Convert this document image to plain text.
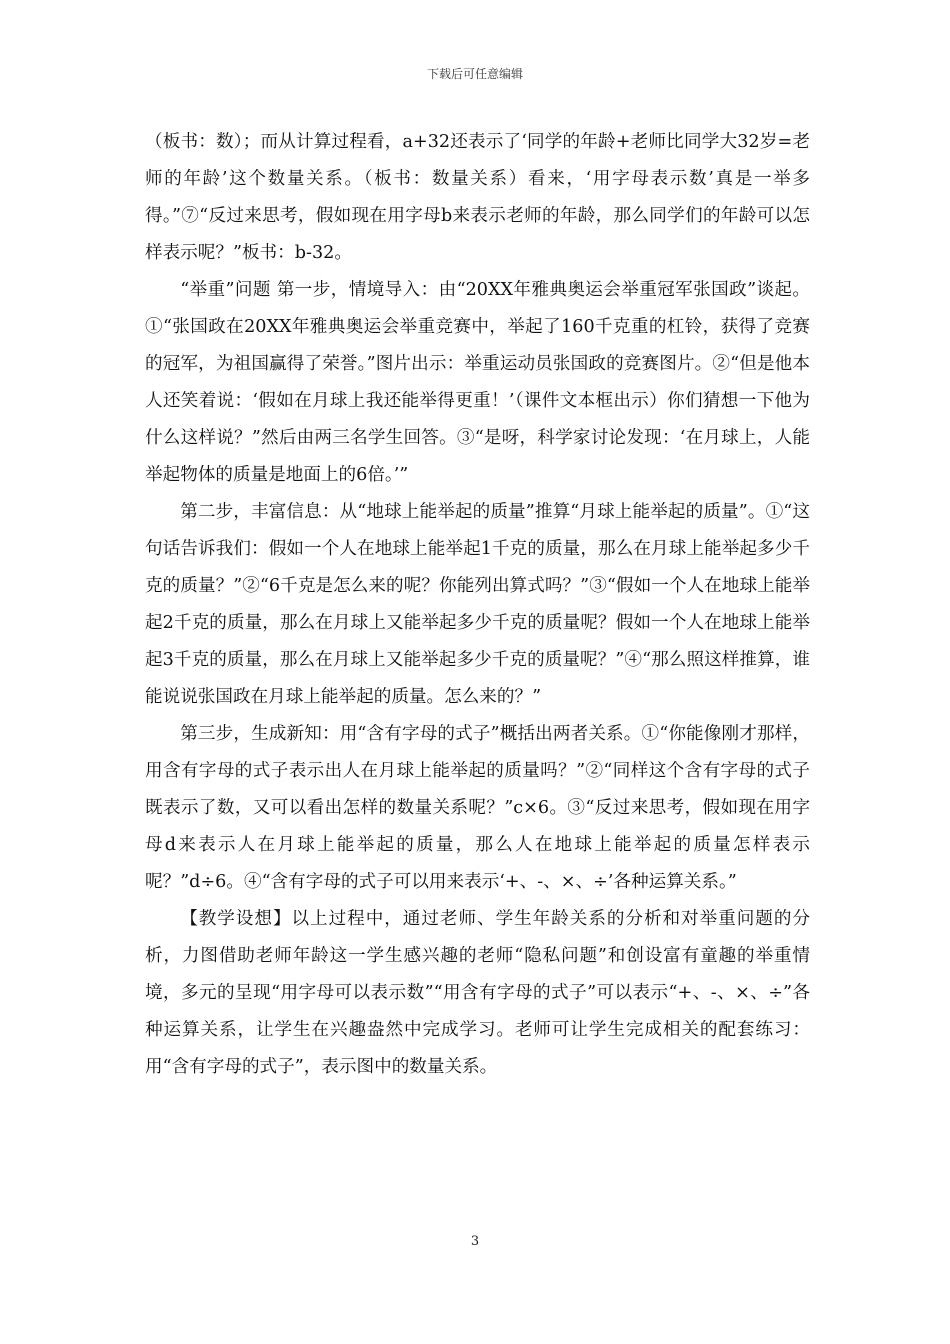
下载后可任意编辑

（板书：数）；而从计算过程看，a+32还表示了‘同学的年龄+老师比同学大32岁=老师的年龄’这个数量关系。（板书：数量关系）看来，‘用字母表示数’真是一举多得。”⑦“反过来思考，假如现在用字母b来表示老师的年龄，那么同学们的年龄可以怎样表示呢？”板书：b-32。

“举重”问题 第一步，情境导入：由“20XX年雅典奥运会举重冠军张国政”谈起。①“张国政在20XX年雅典奥运会举重竞赛中，举起了160千克重的杠铃，获得了竞赛的冠军，为祖国赢得了荣誉。”图片出示：举重运动员张国政的竞赛图片。②“但是他本人还笑着说：‘假如在月球上我还能举得更重！’（课件文本框出示）你们猜想一下他为什么这样说？”然后由两三名学生回答。③“是呀，科学家讨论发现：‘在月球上，人能举起物体的质量是地面上的6倍。’”

第二步，丰富信息：从“地球上能举起的质量”推算“月球上能举起的质量”。①“这句话告诉我们：假如一个人在地球上能举起1千克的质量，那么在月球上能举起多少千克的质量？”②“6千克是怎么来的呢？你能列出算式吗？”③“假如一个人在地球上能举起2千克的质量，那么在月球上又能举起多少千克的质量呢？假如一个人在地球上能举起3千克的质量，那么在月球上又能举起多少千克的质量呢？”④“那么照这样推算，谁能说说张国政在月球上能举起的质量。怎么来的？”

第三步，生成新知：用“含有字母的式子”概括出两者关系。①“你能像刚才那样，用含有字母的式子表示出人在月球上能举起的质量吗？”②“同样这个含有字母的式子既表示了数，又可以看出怎样的数量关系呢？”c×6。③“反过来思考，假如现在用字母d来表示人在月球上能举起的质量，那么人在地球上能举起的质量怎样表示呢？”d÷6。④“含有字母的式子可以用来表示‘+、-、×、÷’各种运算关系。”

【教学设想】以上过程中，通过老师、学生年龄关系的分析和对举重问题的分析，力图借助老师年龄这一学生感兴趣的老师“隐私问题”和创设富有童趣的举重情境，多元的呈现“用字母可以表示数”“用含有字母的式子”可以表示“+、-、×、÷”各种运算关系，让学生在兴趣盎然中完成学习。老师可让学生完成相关的配套练习：用“含有字母的式子”，表示图中的数量关系。

3
